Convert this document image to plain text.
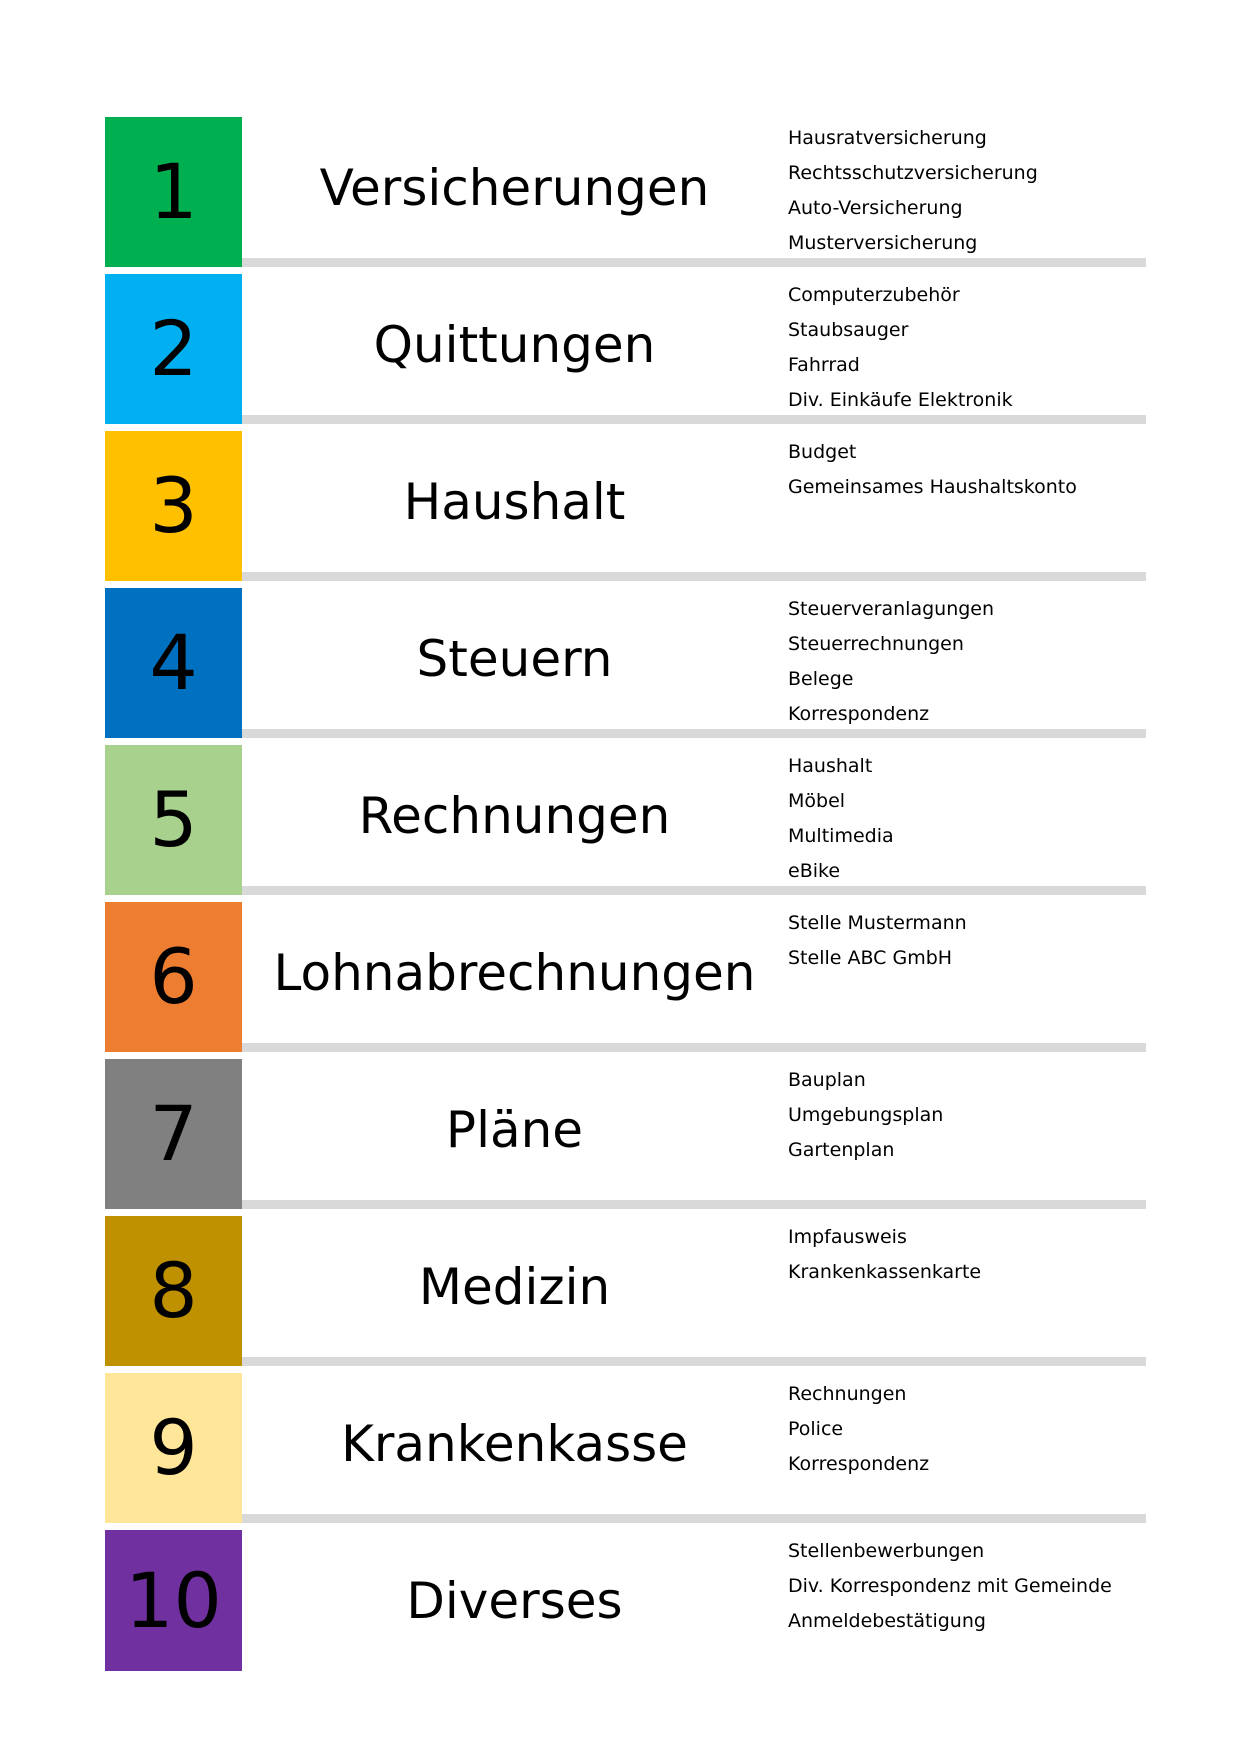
1	Versicherungen
Hausratversicherung
Rechtsschutzversicherung
Auto-Versicherung
Musterversicherung
2	Quittungen
Computerzubehör
Staubsauger
Fahrrad
Div. Einkäufe Elektronik
3	Haushalt
Budget
Gemeinsames Haushaltskonto
4	Steuern
Steuerveranlagungen
Steuerrechnungen
Belege
Korrespondenz
5	Rechnungen
Haushalt
Möbel
Multimedia
eBike
6	Lohnabrechnungen
Stelle Mustermann
Stelle ABC GmbH
7	Pläne
Bauplan
Umgebungsplan
Gartenplan
8	Medizin
Impfausweis
Krankenkassenkarte
9	Krankenkasse
Rechnungen
Police
Korrespondenz
10	Diverses
Stellenbewerbungen
Div. Korrespondenz mit Gemeinde
Anmeldebestätigung
